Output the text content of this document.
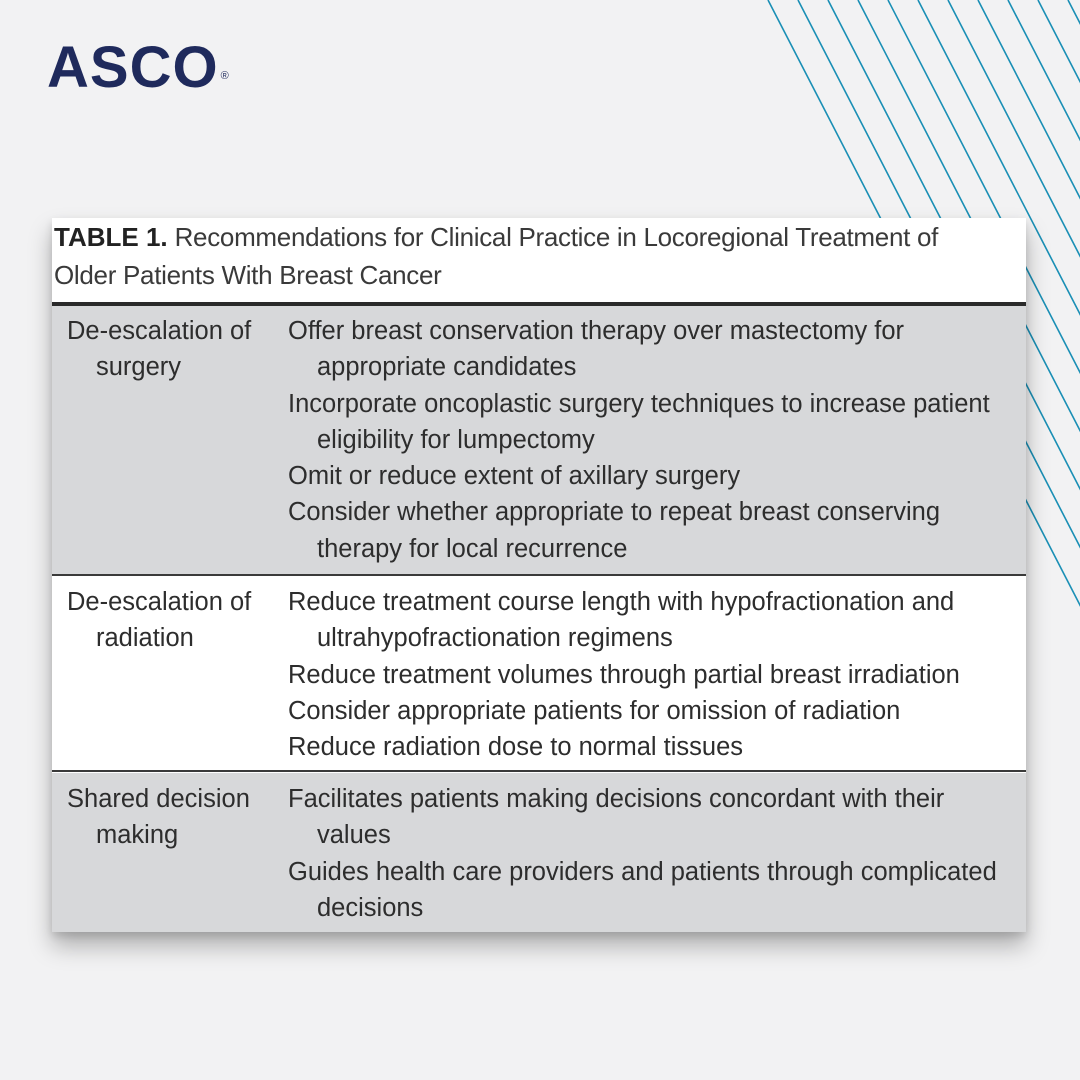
ASCO ®
TABLE 1. Recommendations for Clinical Practice in Locoregional Treatment of
Older Patients With Breast Cancer
De-escalation of
surgery
Offer breast conservation therapy over mastectomy for appropriate candidates
Incorporate oncoplastic surgery techniques to increase patient eligibility for lumpectomy
Omit or reduce extent of axillary surgery
Consider whether appropriate to repeat breast conserving therapy for local recurrence
De-escalation of
radiation
Reduce treatment course length with hypofractionation and ultrahypofractionation regimens
Reduce treatment volumes through partial breast irradiation
Consider appropriate patients for omission of radiation
Reduce radiation dose to normal tissues
Shared decision
making
Facilitates patients making decisions concordant with their values
Guides health care providers and patients through complicated decisions
